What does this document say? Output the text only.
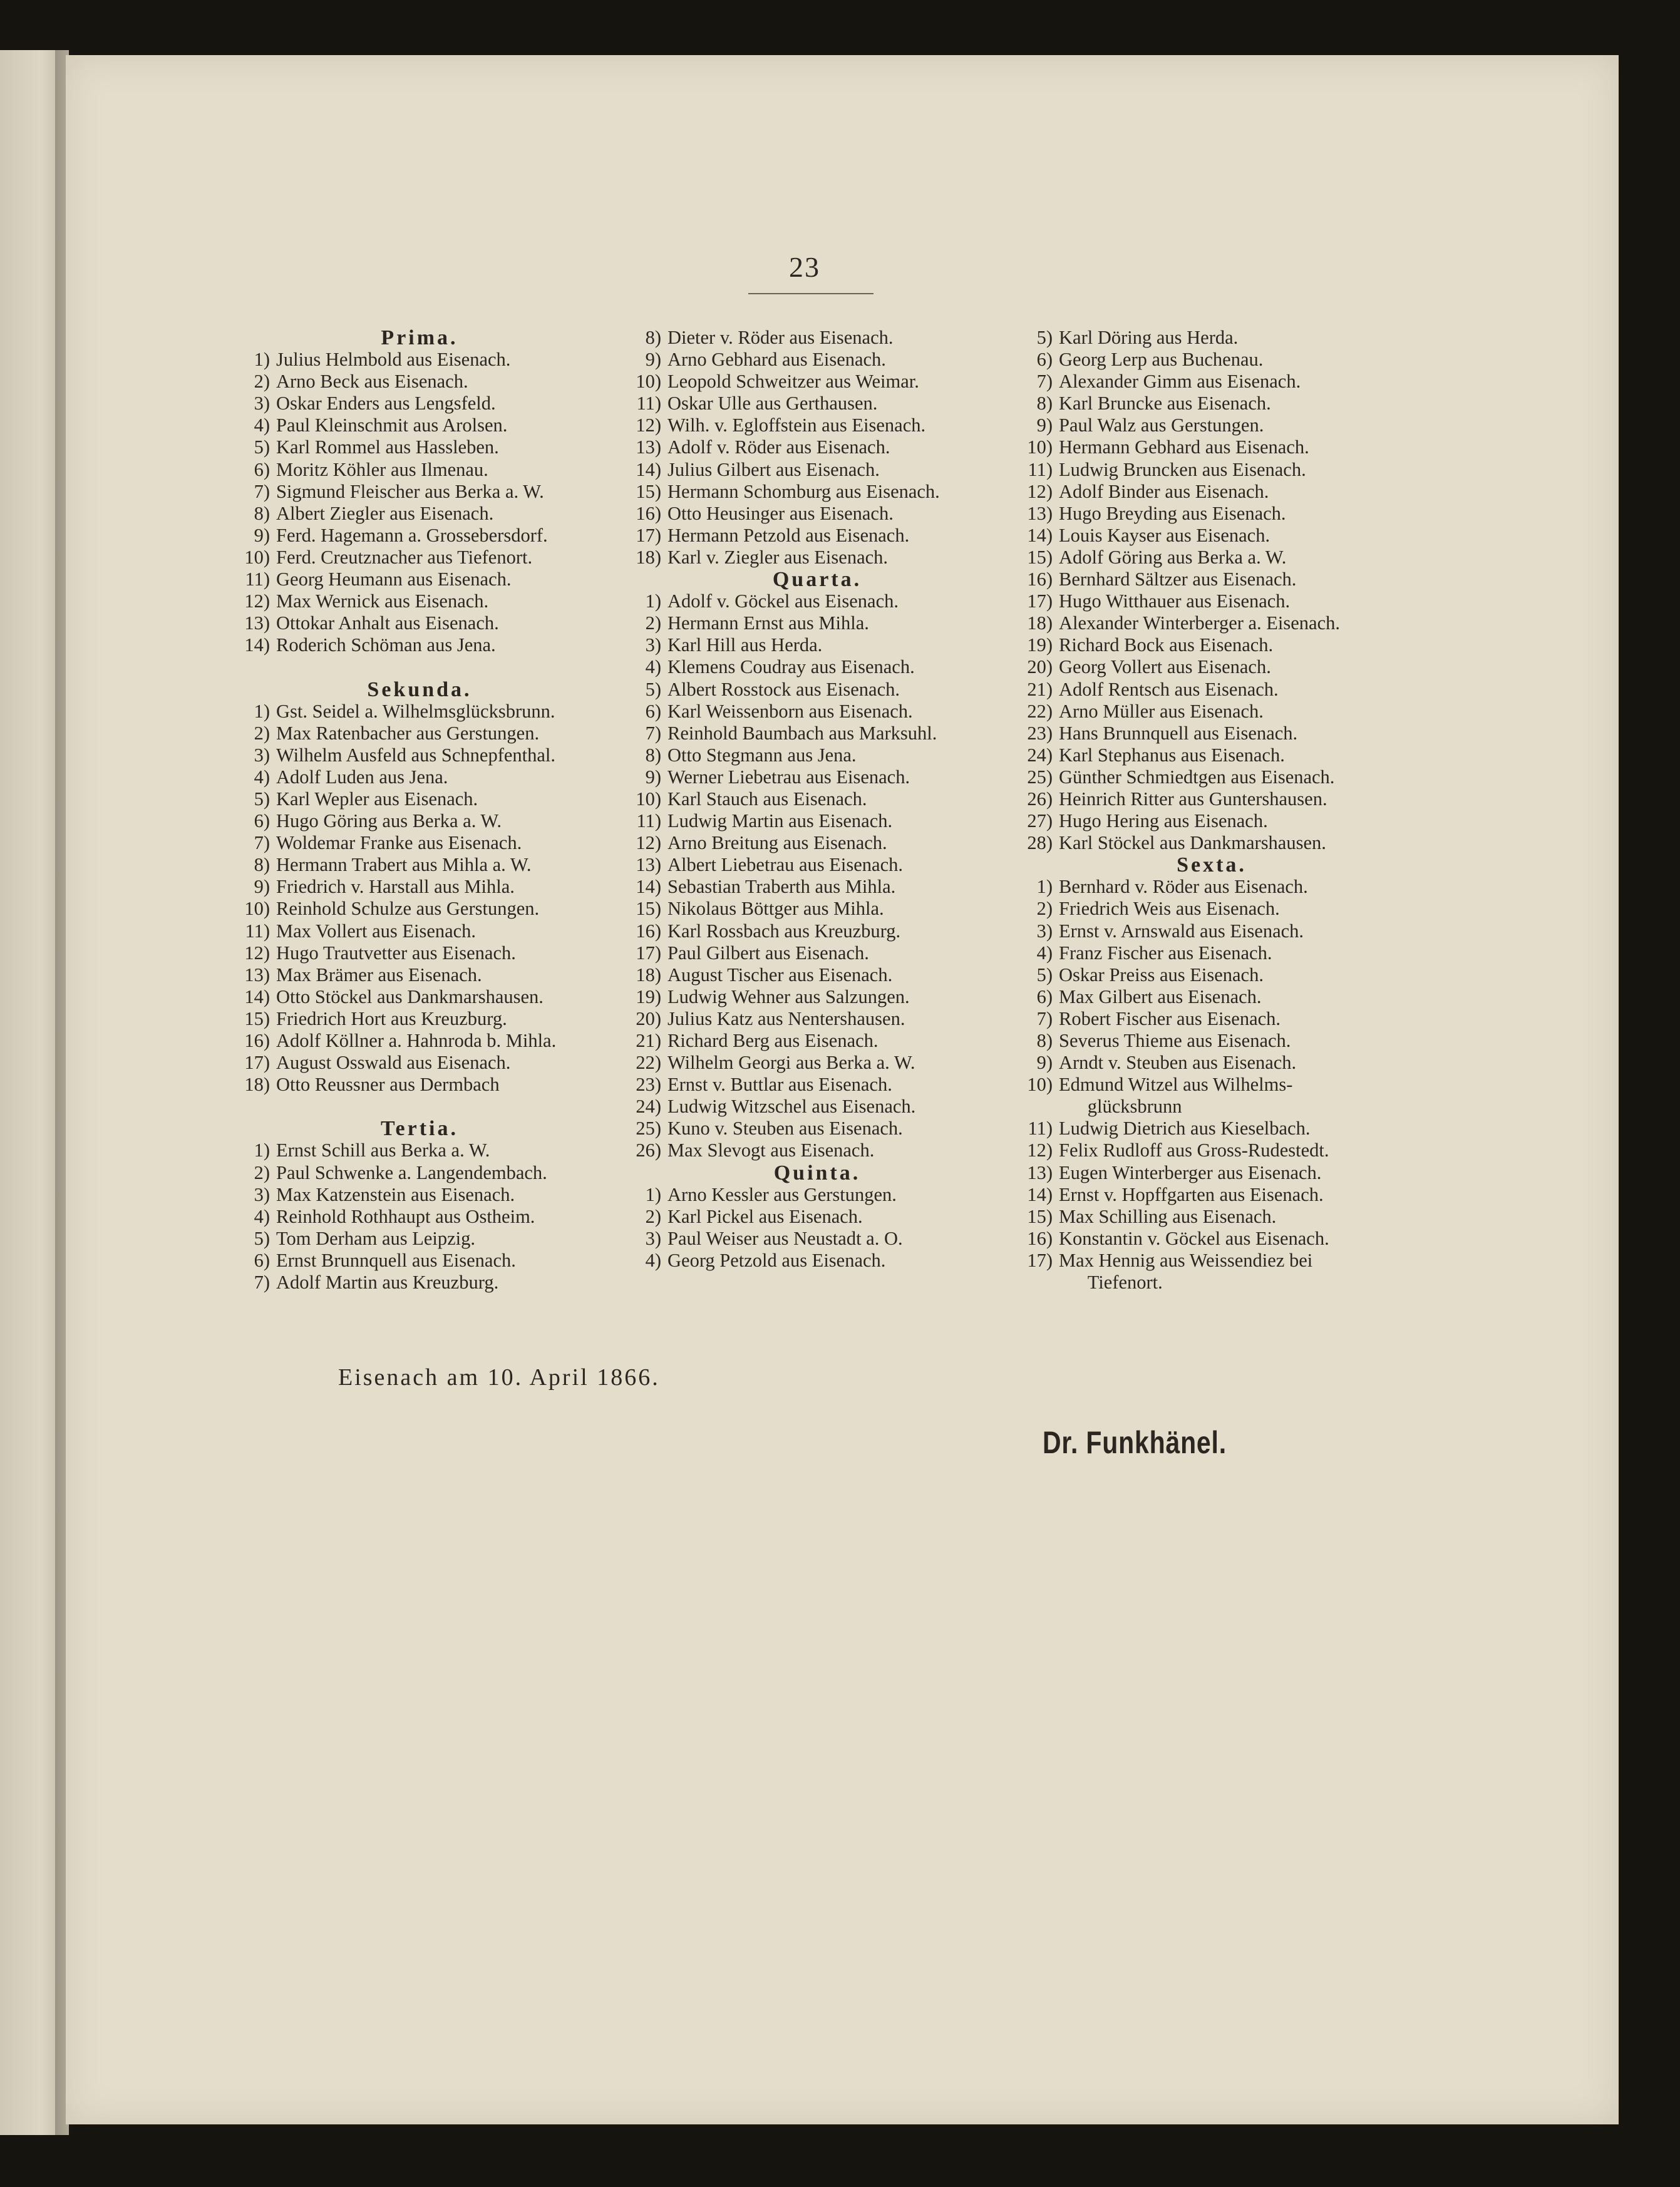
23
Prima.
1) Julius Helmbold aus Eisenach.
2) Arno Beck aus Eisenach.
3) Oskar Enders aus Lengsfeld.
4) Paul Kleinschmit aus Arolsen.
5) Karl Rommel aus Hassleben.
6) Moritz Köhler aus Ilmenau.
7) Sigmund Fleischer aus Berka a. W.
8) Albert Ziegler aus Eisenach.
9) Ferd. Hagemann a. Grossebersdorf.
10) Ferd. Creutznacher aus Tiefenort.
11) Georg Heumann aus Eisenach.
12) Max Wernick aus Eisenach.
13) Ottokar Anhalt aus Eisenach.
14) Roderich Schöman aus Jena.
Sekunda.
1) Gst. Seidel a. Wilhelmsglücksbrunn.
2) Max Ratenbacher aus Gerstungen.
3) Wilhelm Ausfeld aus Schnepfenthal.
4) Adolf Luden aus Jena.
5) Karl Wepler aus Eisenach.
6) Hugo Göring aus Berka a. W.
7) Woldemar Franke aus Eisenach.
8) Hermann Trabert aus Mihla a. W.
9) Friedrich v. Harstall aus Mihla.
10) Reinhold Schulze aus Gerstungen.
11) Max Vollert aus Eisenach.
12) Hugo Trautvetter aus Eisenach.
13) Max Brämer aus Eisenach.
14) Otto Stöckel aus Dankmarshausen.
15) Friedrich Hort aus Kreuzburg.
16) Adolf Köllner a. Hahnroda b. Mihla.
17) August Osswald aus Eisenach.
18) Otto Reussner aus Dermbach
Tertia.
1) Ernst Schill aus Berka a. W.
2) Paul Schwenke a. Langendembach.
3) Max Katzenstein aus Eisenach.
4) Reinhold Rothhaupt aus Ostheim.
5) Tom Derham aus Leipzig.
6) Ernst Brunnquell aus Eisenach.
7) Adolf Martin aus Kreuzburg.
8) Dieter v. Röder aus Eisenach.
9) Arno Gebhard aus Eisenach.
10) Leopold Schweitzer aus Weimar.
11) Oskar Ulle aus Gerthausen.
12) Wilh. v. Egloffstein aus Eisenach.
13) Adolf v. Röder aus Eisenach.
14) Julius Gilbert aus Eisenach.
15) Hermann Schomburg aus Eisenach.
16) Otto Heusinger aus Eisenach.
17) Hermann Petzold aus Eisenach.
18) Karl v. Ziegler aus Eisenach.
Quarta.
1) Adolf v. Göckel aus Eisenach.
2) Hermann Ernst aus Mihla.
3) Karl Hill aus Herda.
4) Klemens Coudray aus Eisenach.
5) Albert Rosstock aus Eisenach.
6) Karl Weissenborn aus Eisenach.
7) Reinhold Baumbach aus Marksuhl.
8) Otto Stegmann aus Jena.
9) Werner Liebetrau aus Eisenach.
10) Karl Stauch aus Eisenach.
11) Ludwig Martin aus Eisenach.
12) Arno Breitung aus Eisenach.
13) Albert Liebetrau aus Eisenach.
14) Sebastian Traberth aus Mihla.
15) Nikolaus Böttger aus Mihla.
16) Karl Rossbach aus Kreuzburg.
17) Paul Gilbert aus Eisenach.
18) August Tischer aus Eisenach.
19) Ludwig Wehner aus Salzungen.
20) Julius Katz aus Nentershausen.
21) Richard Berg aus Eisenach.
22) Wilhelm Georgi aus Berka a. W.
23) Ernst v. Buttlar aus Eisenach.
24) Ludwig Witzschel aus Eisenach.
25) Kuno v. Steuben aus Eisenach.
26) Max Slevogt aus Eisenach.
Quinta.
1) Arno Kessler aus Gerstungen.
2) Karl Pickel aus Eisenach.
3) Paul Weiser aus Neustadt a. O.
4) Georg Petzold aus Eisenach.
5) Karl Döring aus Herda.
6) Georg Lerp aus Buchenau.
7) Alexander Gimm aus Eisenach.
8) Karl Bruncke aus Eisenach.
9) Paul Walz aus Gerstungen.
10) Hermann Gebhard aus Eisenach.
11) Ludwig Bruncken aus Eisenach.
12) Adolf Binder aus Eisenach.
13) Hugo Breyding aus Eisenach.
14) Louis Kayser aus Eisenach.
15) Adolf Göring aus Berka a. W.
16) Bernhard Sältzer aus Eisenach.
17) Hugo Witthauer aus Eisenach.
18) Alexander Winterberger a. Eisenach.
19) Richard Bock aus Eisenach.
20) Georg Vollert aus Eisenach.
21) Adolf Rentsch aus Eisenach.
22) Arno Müller aus Eisenach.
23) Hans Brunnquell aus Eisenach.
24) Karl Stephanus aus Eisenach.
25) Günther Schmiedtgen aus Eisenach.
26) Heinrich Ritter aus Guntershausen.
27) Hugo Hering aus Eisenach.
28) Karl Stöckel aus Dankmarshausen.
Sexta.
1) Bernhard v. Röder aus Eisenach.
2) Friedrich Weis aus Eisenach.
3) Ernst v. Arnswald aus Eisenach.
4) Franz Fischer aus Eisenach.
5) Oskar Preiss aus Eisenach.
6) Max Gilbert aus Eisenach.
7) Robert Fischer aus Eisenach.
8) Severus Thieme aus Eisenach.
9) Arndt v. Steuben aus Eisenach.
10) Edmund Witzel aus Wilhelms-
glücksbrunn
11) Ludwig Dietrich aus Kieselbach.
12) Felix Rudloff aus Gross-Rudestedt.
13) Eugen Winterberger aus Eisenach.
14) Ernst v. Hopffgarten aus Eisenach.
15) Max Schilling aus Eisenach.
16) Konstantin v. Göckel aus Eisenach.
17) Max Hennig aus Weissendiez bei
Tiefenort.
Eisenach am 10. April 1866.
Dr. Funkhänel.
